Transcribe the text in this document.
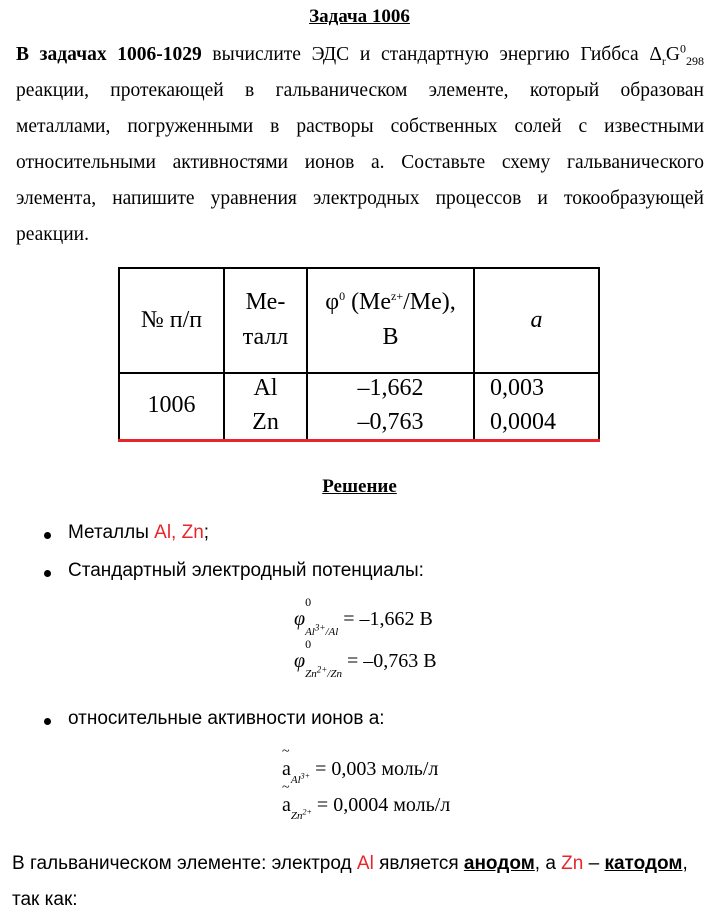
Задача 1006
В задачах 1006-1029 вычислите ЭДС и стандартную энергию Гиббса $\Delta_rG^0_{298}$ реакции, протекающей в гальваническом элементе, который образован металлами, погруженными в растворы собственных солей с известными относительными активностями ионов a. Составьте схему гальванического элемента, напишите уравнения электродных процессов и токообразующей реакции.
№ п/п
Ме-
талл
$\varphi^0$ $(Me^{z+}/Me)$,
В
a
1006
Al
Zn
–1,662
–0,763
0,003
0,0004
Решение
Металлы Al, Zn;
Стандартный электродный потенциалы:
φ
0
$_{Al^{3+}/Al}$ = –1,662 В
φ
0
$_{Zn^{2+}/Zn}$ = –0,763 В
относительные активности ионов a:
~
$a_{Al^{3+}} = 0,003$ моль/л
~
$a_{Zn^{2+}} = 0,0004$ моль/л
В гальваническом элементе: электрод Al является анодом, а Zn – катодом, так как:
